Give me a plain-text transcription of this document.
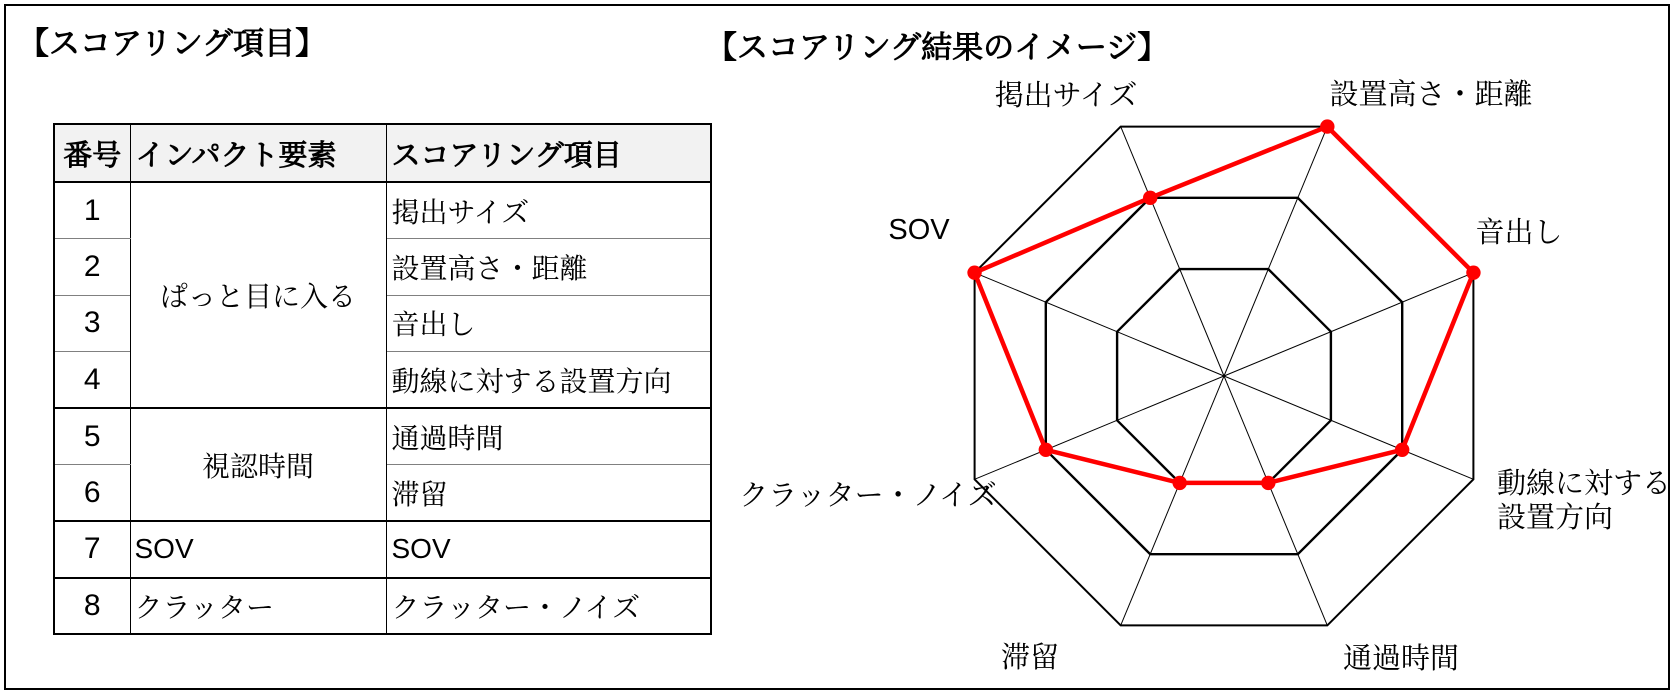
【スコアリング項目】
番号	インパクト要素	スコアリング項目
1	ぱっと目に入る	掲出サイズ
2		設置高さ・距離
3		音出し
4		動線に対する設置方向
5	視認時間	通過時間
6		滞留
7	SOV	SOV
8	クラッター	クラッター・ノイズ
【スコアリング結果のイメージ】
設置高さ・距離
音出し
動線に対する設置方向
通過時間
滞留
クラッター・ノイズ
SOV
掲出サイズ
